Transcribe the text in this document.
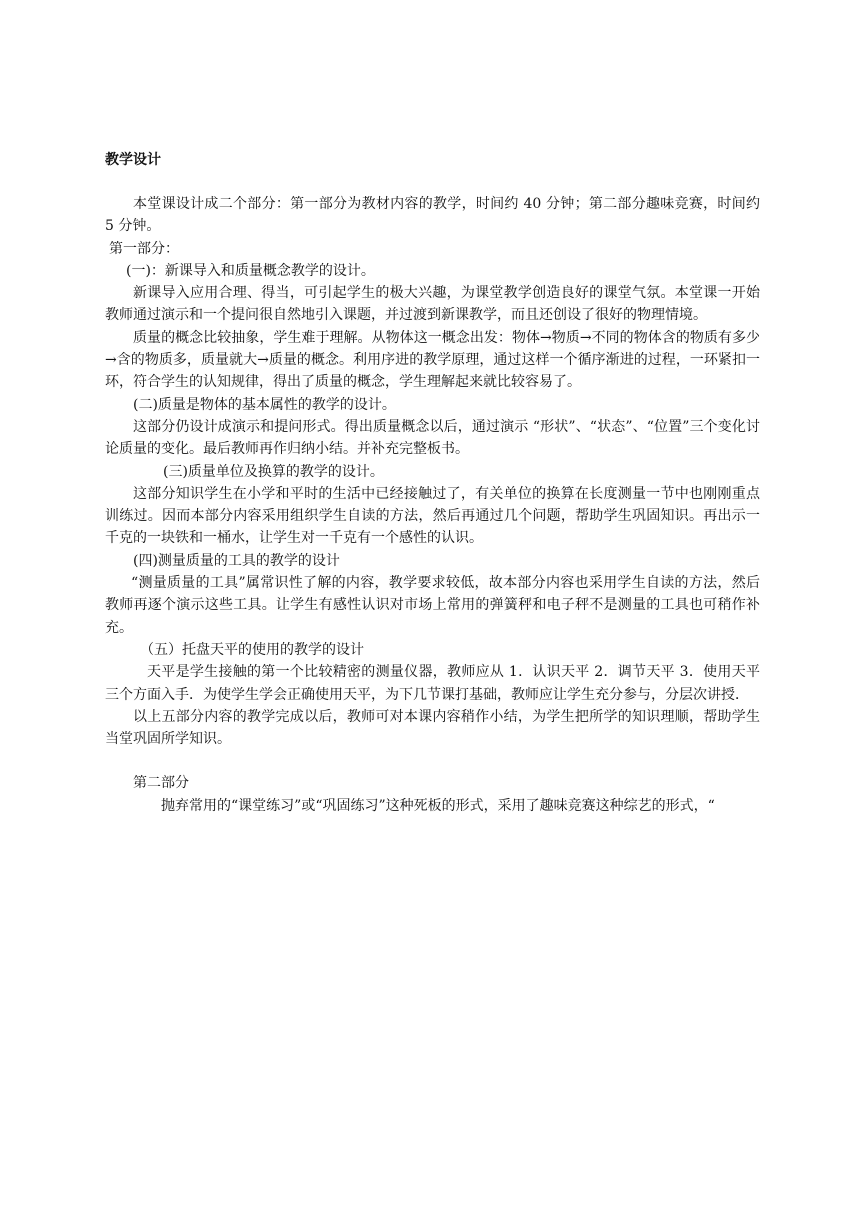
教学设计

本堂课设计成二个部分：第一部分为教材内容的教学，时间约 40 分钟；第二部分趣味竞赛，时间约 5 分钟。

第一部分：

(一)：新课导入和质量概念教学的设计。

新课导入应用合理、得当，可引起学生的极大兴趣，为课堂教学创造良好的课堂气氛。本堂课一开始教师通过演示和一个提问很自然地引入课题，并过渡到新课教学，而且还创设了很好的物理情境。

质量的概念比较抽象，学生难于理解。从物体这一概念出发：物体→物质→不同的物体含的物质有多少→含的物质多，质量就大→质量的概念。利用序进的教学原理，通过这样一个循序渐进的过程，一环紧扣一环，符合学生的认知规律，得出了质量的概念，学生理解起来就比较容易了。

(二)质量是物体的基本属性的教学的设计。

这部分仍设计成演示和提问形式。得出质量概念以后，通过演示 “形状”、“状态”、“位置”三个变化讨论质量的变化。最后教师再作归纳小结。并补充完整板书。

(三)质量单位及换算的教学的设计。

这部分知识学生在小学和平时的生活中已经接触过了，有关单位的换算在长度测量一节中也刚刚重点训练过。因而本部分内容采用组织学生自读的方法，然后再通过几个问题，帮助学生巩固知识。再出示一千克的一块铁和一桶水，让学生对一千克有一个感性的认识。

(四)测量质量的工具的教学的设计

“测量质量的工具”属常识性了解的内容，教学要求较低，故本部分内容也采用学生自读的方法，然后教师再逐个演示这些工具。让学生有感性认识对市场上常用的弹簧秤和电子秤不是测量的工具也可稍作补充。

（五）托盘天平的使用的教学的设计

天平是学生接触的第一个比较精密的测量仪器，教师应从 1．认识天平 2．调节天平 3．使用天平三个方面入手．为使学生学会正确使用天平，为下几节课打基础，教师应让学生充分参与，分层次讲授．

以上五部分内容的教学完成以后，教师可对本课内容稍作小结，为学生把所学的知识理顺，帮助学生当堂巩固所学知识。

第二部分

抛弃常用的“课堂练习”或“巩固练习”这种死板的形式，采用了趣味竞赛这种综艺的形式，“
